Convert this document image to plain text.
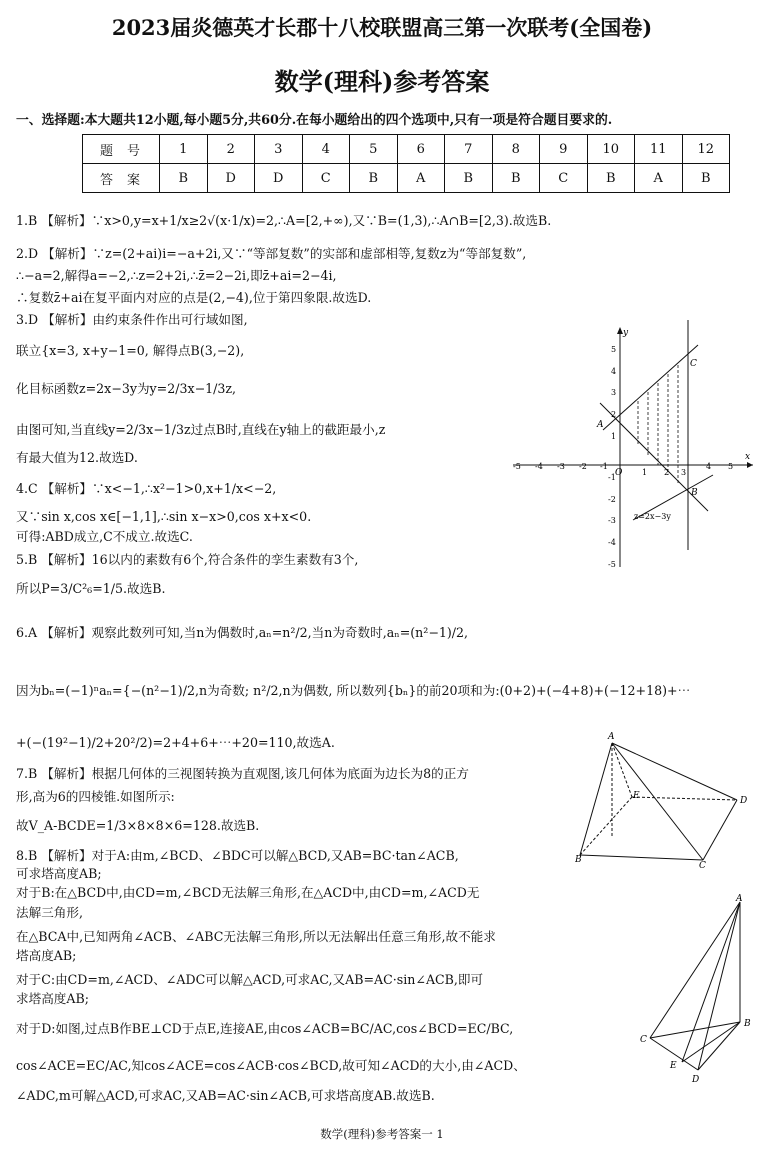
2023届炎德英才长郡十八校联盟高三第一次联考(全国卷)
数学(理科)参考答案
一、选择题:本大题共12小题,每小题5分,共60分.在每小题给出的四个选项中,只有一项是符合题目要求的.
题号	1	2	3	4	5	6	7	8	9	10	11	12
答案	B	D	D	C	B	A	B	B	C	B	A	B
1.B 【解析】∵x>0,y=x+1/x≥2√(x·1/x)=2,∴A=[2,+∞),又∵B=(1,3),∴A∩B=[2,3).故选B.
2.D 【解析】∵z=(2+ai)i=−a+2i,又∵“等部复数”的实部和虚部相等,复数z为“等部复数”,
∴−a=2,解得a=−2,∴z=2+2i,∴z̄=2−2i,即z̄+ai=2−4i,
∴复数z̄+ai在复平面内对应的点是(2,−4),位于第四象限.故选D.
3.D 【解析】由约束条件作出可行域如图,
联立{x=3, x+y−1=0, 解得点B(3,−2),
化目标函数z=2x−3y为y=2/3x−1/3z,
由图可知,当直线y=2/3x−1/3z过点B时,直线在y轴上的截距最小,z
有最大值为12.故选D.
4.C 【解析】∵x<−1,∴x²−1>0,x+1/x<−2,
又∵sin x,cos x∈[−1,1],∴sin x−x>0,cos x+x<0.
可得:ABD成立,C不成立.故选C.
5.B 【解析】16以内的素数有6个,符合条件的孪生素数有3个,
所以P=3/C²₆=1/5.故选B.
6.A 【解析】观察此数列可知,当n为偶数时,aₙ=n²/2,当n为奇数时,aₙ=(n²−1)/2,
因为bₙ=(−1)ⁿaₙ={−(n²−1)/2,n为奇数; n²/2,n为偶数, 所以数列{bₙ}的前20项和为:(0+2)+(−4+8)+(−12+18)+⋯
+(−(19²−1)/2+20²/2)=2+4+6+⋯+20=110,故选A.
7.B 【解析】根据几何体的三视图转换为直观图,该几何体为底面为边长为8的正方
形,高为6的四棱锥.如图所示:
故V_A-BCDE=1/3×8×8×6=128.故选B.
8.B 【解析】对于A:由m,∠BCD、∠BDC可以解△BCD,又AB=BC·tan∠ACB,
可求塔高度AB;
对于B:在△BCD中,由CD=m,∠BCD无法解三角形,在△ACD中,由CD=m,∠ACD无
法解三角形,
在△BCA中,已知两角∠ACB、∠ABC无法解三角形,所以无法解出任意三角形,故不能求
塔高度AB;
对于C:由CD=m,∠ACD、∠ADC可以解△ACD,可求AC,又AB=AC·sin∠ACB,即可
求塔高度AB;
对于D:如图,过点B作BE⊥CD于点E,连接AE,由cos∠ACB=BC/AC,cos∠BCD=EC/BC,
cos∠ACE=EC/AC,知cos∠ACE=cos∠ACB·cos∠BCD,故可知∠ACD的大小,由∠ACD、
∠ADC,m可解△ACD,可求AC,又AB=AC·sin∠ACB,可求塔高度AB.故选B.
-5 -4 -3 -2 -1
1 2 3
4 5
5
4
3
2
1
-1
-2
-3
-4
-5
x
y
O
A
B
C
z=2x−3y
A
E	D
B
C
A
B
C
E
D
数学(理科)参考答案一 1
